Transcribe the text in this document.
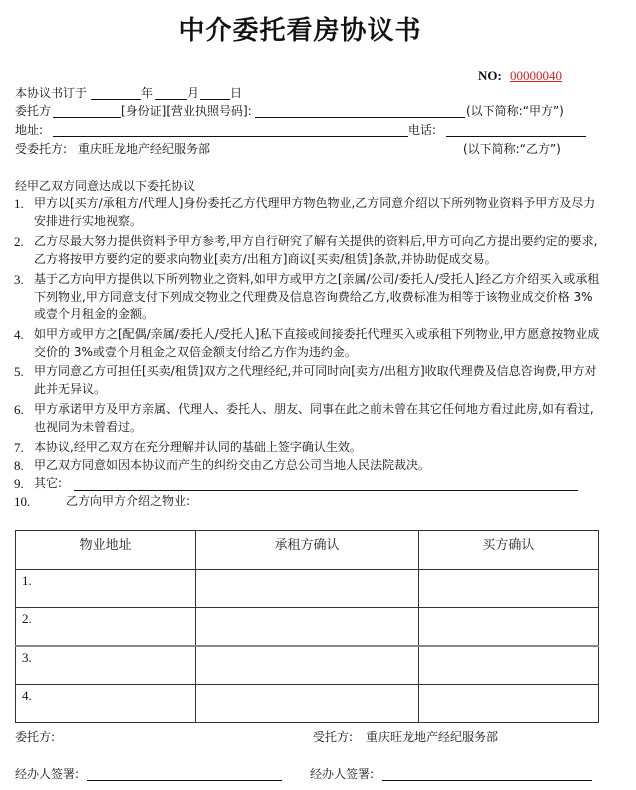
中介委托看房协议书
NO: 00000040
本协议书订于	年	月	日
委托方	[身份证][营业执照号码]:	(以下简称:“甲方”)
地址:	电话:
受委托方: 重庆旺龙地产经纪服务部	(以下简称:“乙方”)
经甲乙双方同意达成以下委托协议
1. 甲方以[买方/承租方/代理人]身份委托乙方代理甲方物色物业,乙方同意介绍以下所列物业资料予甲方及尽力安排进行实地视察。
2. 乙方尽最大努力提供资料予甲方参考,甲方自行研究了解有关提供的资料后,甲方可向乙方提出要约定的要求,乙方将按甲方要约定的要求向物业[卖方/出租方]商议[买卖/租赁]条款,并协助促成交易。
3. 基于乙方向甲方提供以下所列物业之资料,如甲方或甲方之[亲属/公司/委托人/受托人]经乙方介绍买入或承租下列物业,甲方同意支付下列成交物业之代理费及信息咨询费给乙方,收费标准为相等于该物业成交价格 3%或壹个月租金的金额。
4. 如甲方或甲方之[配偶/亲属/委托人/受托人]私下直接或间接委托代理买入或承租下列物业,甲方愿意按物业成交价的 3%或壹个月租金之双倍金额支付给乙方作为违约金。
5. 甲方同意乙方可担任[买卖/租赁]双方之代理经纪,并可同时向[卖方/出租方]收取代理费及信息咨询费,甲方对此并无异议。
6. 甲方承诺甲方及甲方亲属、代理人、委托人、朋友、同事在此之前未曾在其它任何地方看过此房,如有看过,也视同为未曾看过。
7. 本协议,经甲乙双方在充分理解并认同的基础上签字确认生效。
8. 甲乙双方同意如因本协议而产生的纠纷交由乙方总公司当地人民法院裁决。
9. 其它:
10.	乙方向甲方介绍之物业:
物业地址	承租方确认	买方确认
1.		
2.		
3.		
4.		
委托方:	受托方: 重庆旺龙地产经纪服务部
经办人签署:	经办人签署:
